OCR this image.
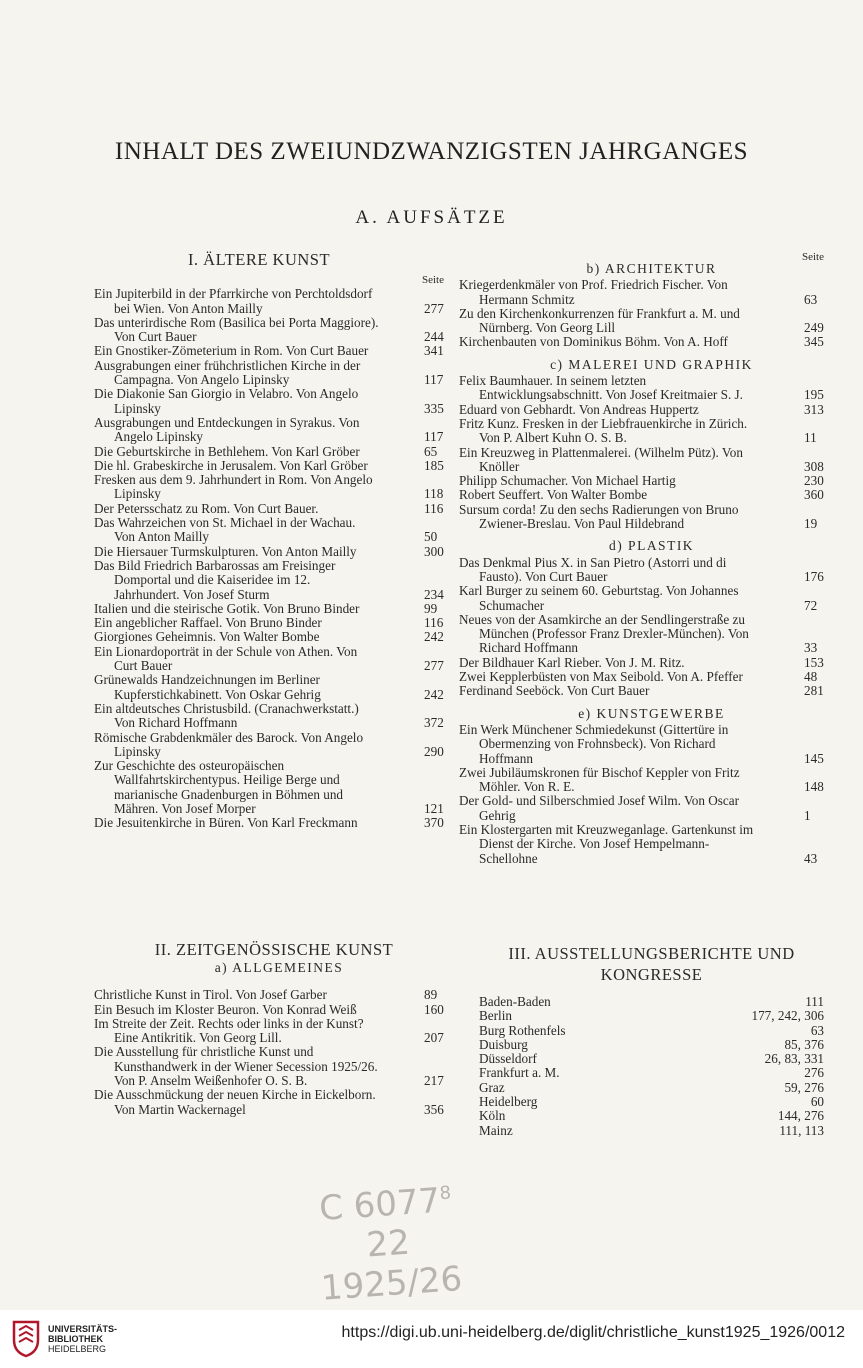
INHALT DES ZWEIUNDZWANZIGSTEN JAHRGANGES
A. AUFSÄTZE
I. ÄLTERE KUNST
Seite
Ein Jupiterbild in der Pfarrkirche von Perchtoldsdorf bei Wien. Von Anton Mailly	277
Das unterirdische Rom (Basilica bei Porta Maggiore). Von Curt Bauer	244
Ein Gnostiker-Zömeterium in Rom. Von Curt Bauer	341
Ausgrabungen einer frühchristlichen Kirche in der Campagna. Von Angelo Lipinsky	117
Die Diakonie San Giorgio in Velabro. Von Angelo Lipinsky	335
Ausgrabungen und Entdeckungen in Syrakus. Von Angelo Lipinsky	117
Die Geburtskirche in Bethlehem. Von Karl Gröber	65
Die hl. Grabeskirche in Jerusalem. Von Karl Gröber	185
Fresken aus dem 9. Jahrhundert in Rom. Von Angelo Lipinsky	118
Der Petersschatz zu Rom. Von Curt Bauer.	116
Das Wahrzeichen von St. Michael in der Wachau. Von Anton Mailly	50
Die Hiersauer Turmskulpturen. Von Anton Mailly	300
Das Bild Friedrich Barbarossas am Freisinger Domportal und die Kaiseridee im 12. Jahrhundert. Von Josef Sturm	234
Italien und die steirische Gotik. Von Bruno Binder	99
Ein angeblicher Raffael. Von Bruno Binder	116
Giorgiones Geheimnis. Von Walter Bombe	242
Ein Lionardoporträt in der Schule von Athen. Von Curt Bauer	277
Grünewalds Handzeichnungen im Berliner Kupferstichkabinett. Von Oskar Gehrig	242
Ein altdeutsches Christusbild. (Cranachwerkstatt.) Von Richard Hoffmann	372
Römische Grabdenkmäler des Barock. Von Angelo Lipinsky	290
Zur Geschichte des osteuropäischen Wallfahrtskirchentypus. Heilige Berge und marianische Gnadenburgen in Böhmen und Mähren. Von Josef Morper	121
Die Jesuitenkirche in Büren. Von Karl Freckmann	370
II. ZEITGENÖSSISCHE KUNST
a) ALLGEMEINES
Christliche Kunst in Tirol. Von Josef Garber	89
Ein Besuch im Kloster Beuron. Von Konrad Weiß	160
Im Streite der Zeit. Rechts oder links in der Kunst? Eine Antikritik. Von Georg Lill.	207
Die Ausstellung für christliche Kunst und Kunsthandwerk in der Wiener Secession 1925/26. Von P. Anselm Weißenhofer O. S. B.	217
Die Ausschmückung der neuen Kirche in Eickelborn. Von Martin Wackernagel	356
Seite
b) ARCHITEKTUR
Kriegerdenkmäler von Prof. Friedrich Fischer. Von Hermann Schmitz	63
Zu den Kirchenkonkurrenzen für Frankfurt a. M. und Nürnberg. Von Georg Lill	249
Kirchenbauten von Dominikus Böhm. Von A. Hoff	345
c) MALEREI UND GRAPHIK
Felix Baumhauer. In seinem letzten Entwicklungsabschnitt. Von Josef Kreitmaier S. J.	195
Eduard von Gebhardt. Von Andreas Huppertz	313
Fritz Kunz. Fresken in der Liebfrauenkirche in Zürich. Von P. Albert Kuhn O. S. B.	11
Ein Kreuzweg in Plattenmalerei. (Wilhelm Pütz). Von Knöller	308
Philipp Schumacher. Von Michael Hartig	230
Robert Seuffert. Von Walter Bombe	360
Sursum corda! Zu den sechs Radierungen von Bruno Zwiener-Breslau. Von Paul Hildebrand	19
d) PLASTIK
Das Denkmal Pius X. in San Pietro (Astorri und di Fausto). Von Curt Bauer	176
Karl Burger zu seinem 60. Geburtstag. Von Johannes Schumacher	72
Neues von der Asamkirche an der Sendlingerstraße zu München (Professor Franz Drexler-München). Von Richard Hoffmann	33
Der Bildhauer Karl Rieber. Von J. M. Ritz.	153
Zwei Kepplerbüsten von Max Seibold. Von A. Pfeffer	48
Ferdinand Seeböck. Von Curt Bauer	281
e) KUNSTGEWERBE
Ein Werk Münchener Schmiedekunst (Gittertüre in Obermenzing von Frohnsbeck). Von Richard Hoffmann	145
Zwei Jubiläumskronen für Bischof Keppler von Fritz Möhler. Von R. E.	148
Der Gold- und Silberschmied Josef Wilm. Von Oscar Gehrig	1
Ein Klostergarten mit Kreuzweganlage. Gartenkunst im Dienst der Kirche. Von Josef Hempelmann-Schellohne	43
III. AUSSTELLUNGSBERICHTE UND KONGRESSE
Baden-Baden	111
Berlin	177, 242, 306
Burg Rothenfels	63
Duisburg	85, 376
Düsseldorf	26, 83, 331
Frankfurt a. M.	276
Graz	59, 276
Heidelberg	60
Köln	144, 276
Mainz	111, 113
C 6077$^8$
22
1925/26
UNIVERSITÄTS-
BIBLIOTHEK
HEIDELBERG
https://digi.ub.uni-heidelberg.de/diglit/christliche_kunst1925_1926/0012
